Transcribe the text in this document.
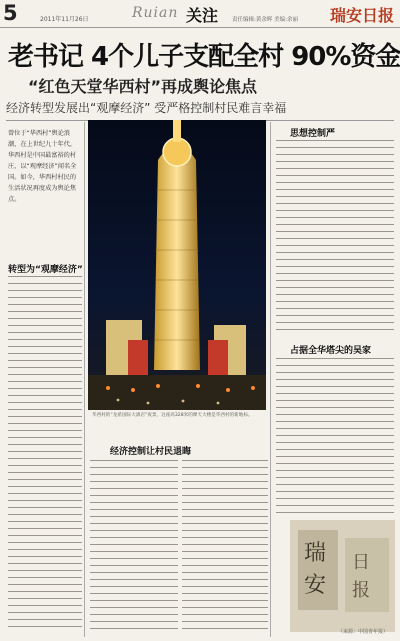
5	2011年11月26日	Ruian 关注	责任编辑:黄余晖 美编:余丽 瑞安日报
老书记 4个儿子支配全村 90%资金
“红色天堂华西村”再成舆论焦点
经济转型发展出“观摩经济” 受严格控制村民难言幸福
曾位于“华西村”舆论浪潮，在上世纪九十年代，华西村是中国最富裕的村庄，以“观摩经济”闻名全国。如今，华西村村民的生活状况再度成为舆论焦点。
转型为“观摩经济”
华西村的“龙希国际大酒店”夜景，这座高328米的摩天大楼是华西村的新地标。
经济控制让村民退晦
思想控制严
占据全华塔尖的吴家
瑞
安
日
报
（来源：中国青年报）
